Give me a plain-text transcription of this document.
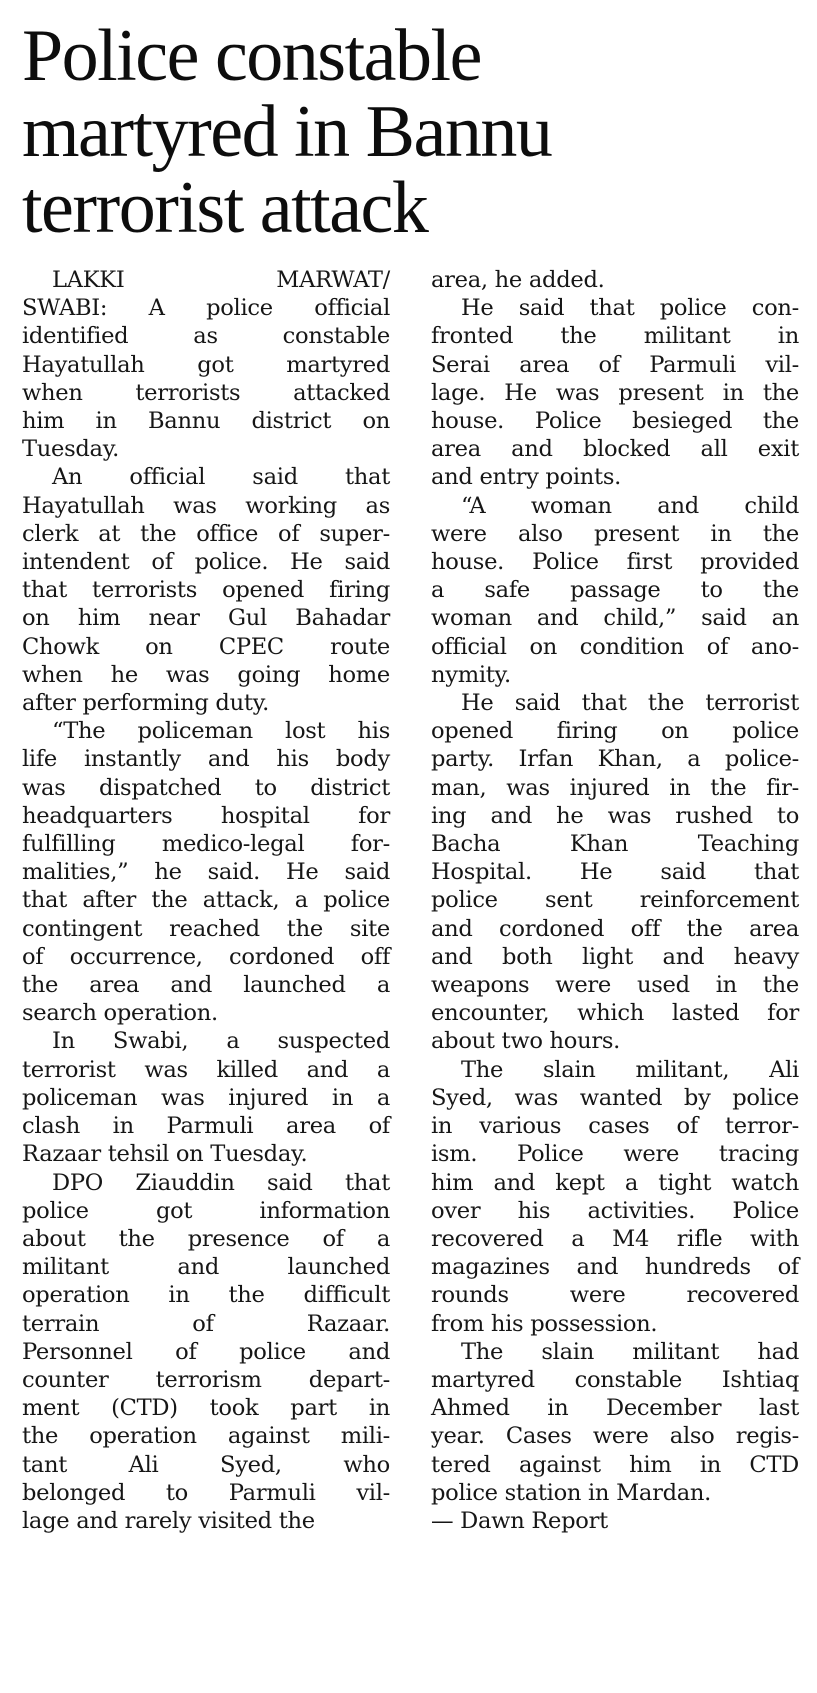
Police constable
martyred in Bannu
terrorist attack
LAKKI MARWAT/
SWABI: A police official
identified as constable
Hayatullah got martyred
when terrorists attacked
him in Bannu district on
Tuesday.
An official said that
Hayatullah was working as
clerk at the office of super-
intendent of police. He said
that terrorists opened firing
on him near Gul Bahadar
Chowk on CPEC route
when he was going home
after performing duty.
“The policeman lost his
life instantly and his body
was dispatched to district
headquarters hospital for
fulfilling medico-legal for-
malities,” he said. He said
that after the attack, a police
contingent reached the site
of occurrence, cordoned off
the area and launched a
search operation.
In Swabi, a suspected
terrorist was killed and a
policeman was injured in a
clash in Parmuli area of
Razaar tehsil on Tuesday.
DPO Ziauddin said that
police got information
about the presence of a
militant and launched
operation in the difficult
terrain of Razaar.
Personnel of police and
counter terrorism depart-
ment (CTD) took part in
the operation against mili-
tant Ali Syed, who
belonged to Parmuli vil-
lage and rarely visited the
area, he added.
He said that police con-
fronted the militant in
Serai area of Parmuli vil-
lage. He was present in the
house. Police besieged the
area and blocked all exit
and entry points.
“A woman and child
were also present in the
house. Police first provided
a safe passage to the
woman and child,” said an
official on condition of ano-
nymity.
He said that the terrorist
opened firing on police
party. Irfan Khan, a police-
man, was injured in the fir-
ing and he was rushed to
Bacha Khan Teaching
Hospital. He said that
police sent reinforcement
and cordoned off the area
and both light and heavy
weapons were used in the
encounter, which lasted for
about two hours.
The slain militant, Ali
Syed, was wanted by police
in various cases of terror-
ism. Police were tracing
him and kept a tight watch
over his activities. Police
recovered a M4 rifle with
magazines and hundreds of
rounds were recovered
from his possession.
The slain militant had
martyred constable Ishtiaq
Ahmed in December last
year. Cases were also regis-
tered against him in CTD
police station in Mardan.
— Dawn Report
